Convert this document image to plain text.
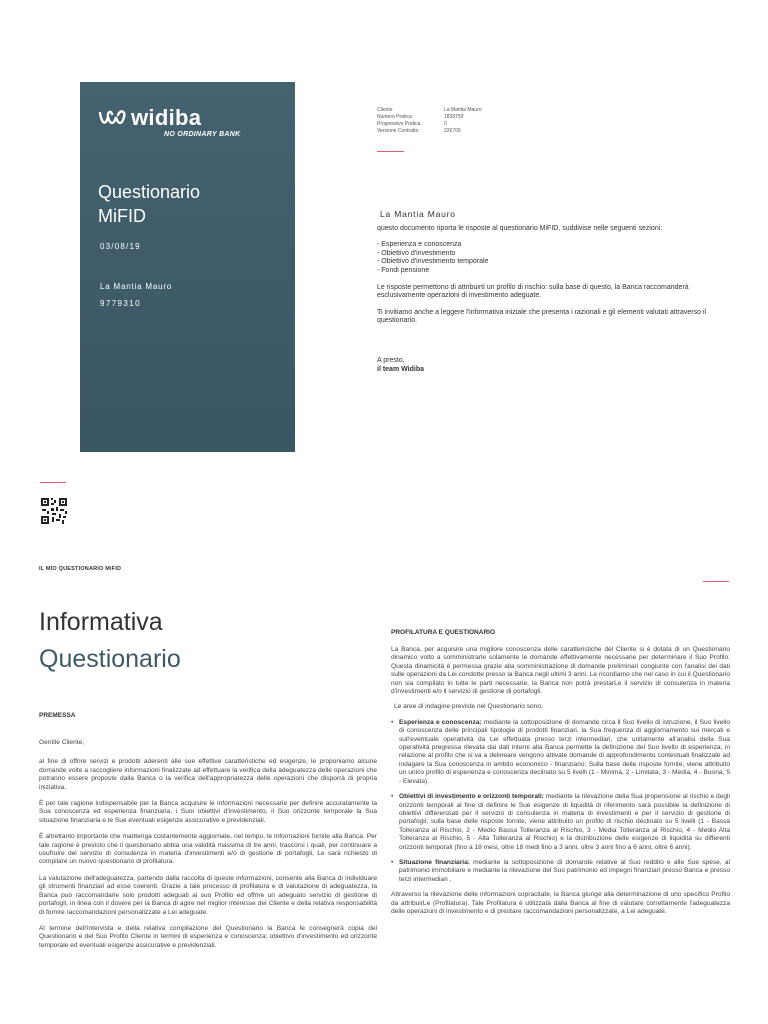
widiba
NO ORDINARY BANK
Questionario
MiFID
03/08/19
La Mantia Mauro
9779310
Cliente	La Mantia Mauro
Numero Pratica	1838759
Progressivo Pratica	0
Versione Contratto	226709
La Mantia Mauro
questo documento riporta le risposte al questionario MiFID, suddivise nelle seguenti sezioni:
- Esperienza e conoscenza
- Obiettivo d'investimento
- Obiettivo d'investimento temporale
- Fondi pensione

Le risposte permettono di attribuirti un profilo di rischio: sulla base di questo, la Banca raccomanderà esclusivamente operazioni di investimento adeguate.

Ti invitiamo anche a leggere l'informativa iniziale che presenta i razionali e gli elementi valutati attraverso il questionario.

A presto,

il team Widiba
IL MIO QUESTIONARIO MiFID
Informativa
Questionario
PREMESSA

Gentile Cliente,

al fine di offrire servizi e prodotti aderenti alle sue effettive caratteristiche ed esigenze, le proponiamo alcune domande volte a raccogliere informazioni finalizzate ad effettuare la verifica della adeguatezza delle operazioni che potranno essere proposte dalla Banca o la verifica dell'appropriatezza delle operazioni che disporrà di propria iniziativa.

È per tale ragione indispensabile per la Banca acquisire le informazioni necessarie per definire accuratamente la Sua conoscenza ed esperienza finanziaria, i Suoi obiettivi d'investimento, il Suo orizzonte temporale la Sua situazione finanziaria e le Sue eventuali esigenze assicurative e previdenziali.

È altrettanto importante che mantenga costantemente aggiornate, nel tempo, le informazioni fornite alla Banca. Per tale ragione è previsto che il questionario abbia una validità massima di tre anni, trascorsi i quali, per continuare a usufruire del servizio di consulenza in materia d'investimenti e/o di gestione di portafogli, Le sarà richiesto di compilare un nuovo questionario di profilatura.

La valutazione dell'adeguatezza, partendo dalla raccolta di queste informazioni, consente alla Banca di individuare gli strumenti finanziari ad esse coerenti. Grazie a tale processo di profilatura e di valutazione di adeguatezza, la Banca può raccomandarle solo prodotti adeguati al suo Profilo ed offrire un adeguato servizio di gestione di portafogli, in linea con il dovere per la Banca di agire nel miglior interesse del Cliente e della relativa responsabilità di fornire raccomandazioni personalizzate a Lei adeguate.

Al termine dell'intervista e della relativa compilazione del Questionario la Banca le consegnerà copia del Questionario e del Suo Profilo Cliente in termini di esperienza e conoscenza; obiettivo d'investimento ed orizzonte temporale ed eventuali esigenze assicurative e previdenziali.

PROFILATURA E QUESTIONARIO

La Banca, per acquisire una migliore conoscenza delle caratteristiche del Cliente si è dotata di un Questionario dinamico volto a somministrarle solamente le domande effettivamente necessarie per determinare il Suo Profilo. Questa dinamicità è permessa grazie alla somministrazione di domande preliminari congiunte con l'analisi dei dati sulle operazioni da Lei condotte presso la Banca negli ultimi 3 anni. Le ricordiamo che nel caso in cui il Questionario non sia compilato in tutte le parti necessarie, la Banca non potrà prestarLe il servizio di consulenza in materia d'investimenti e/o il servizio di gestione di portafogli.

Le aree di indagine previste nel Questionario sono:

• Esperienza e conoscenza: mediante la sottoposizione di domande circa il Suo livello di istruzione, il Suo livello di conoscenza delle principali tipologie di prodotti finanziari, la Sua frequenza di aggiornamento sui mercati e sull'eventuale operatività da Lei effettuata presso terzi intermediari, che unitamente all'analisi della Sua operatività pregressa rilevata dai dati interni alla Banca permette la definizione del Suo livello di esperienza; in relazione al profilo che si va a delineare vengono attivate domande di approfondimento contestuali finalizzate ad indagare la Sua conoscenza in ambito economico - finanziario; Sulla base delle risposte fornite, viene attribuito un unico profilo di esperienza e conoscenza declinato su 5 livelli (1 - Minima, 2 - Limitata, 3 - Media, 4 - Buona, 5 - Elevata).
• Obiettivi di investimento e orizzonti temporali: mediante la rilevazione della Sua propensione al rischio e degli orizzonti temporali al fine di definire le Sue esigenze di liquidità di riferimento sarà possibile la definizione di obiettivi differenziati per il servizio di consulenza in materia di investimenti e per il servizio di gestione di portafogli; sulla base delle risposte fornite, viene attribuito un profilo di rischio declinato su 5 livelli (1 - Bassa Tolleranza al Rischio, 2 - Medio Bassa Tolleranza al Rischio, 3 - Media Tolleranza al Rischio, 4 - Medio Alta Tolleranza al Rischio, 5 - Alta Tolleranza al Rischio) e la distribuzione delle esigenze di liquidità su differenti orizzonti temporali (fino a 18 mesi, oltre 18 medi fino a 3 anni, oltre 3 anni fino a 6 anni, oltre 6 anni).
• Situazione finanziaria: mediante la sottoposizione di domande relative al Suo reddito e alle Sue spese, al patrimonio immobiliare e mediante la rilevazione del Suo patrimonio ed impegni finanziari presso Banca e presso terzi intermediari .

Attraverso la rilevazione delle informazioni sopracitate, la Banca giunge alla determinazione di uno specifico Profilo da attribuirLe (Profilatura). Tale Profilatura è utilizzata dalla Banca al fine di valutare correttamente l'adeguatezza delle operazioni di investimento e di prestare raccomandazioni personalizzate, a Lei adeguate.
